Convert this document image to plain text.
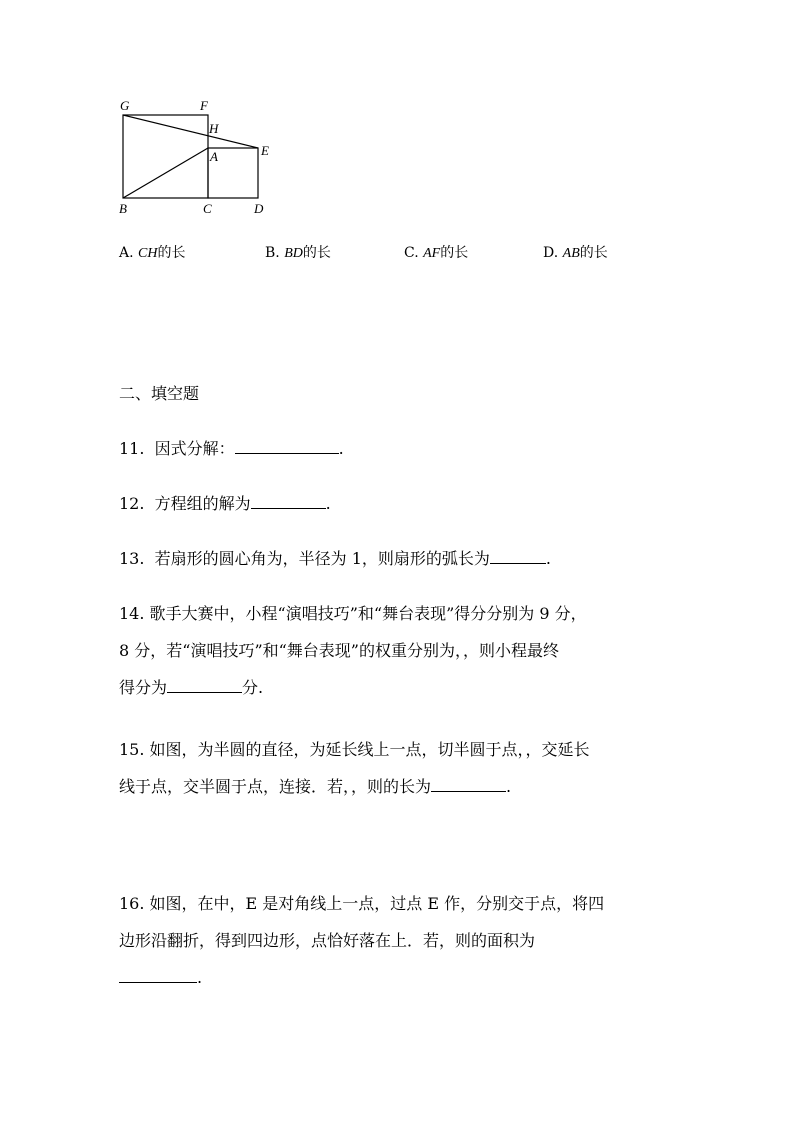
G	F
H
A	E
B	C	D
A. CH的长	B. BD的长	C. AF的长	D. AB的长
二、填空题
11. 因式分解：	.
12. 方程组的解为	.
13. 若扇形的圆心角为，半径为 1，则扇形的弧长为	.
14. 歌手大赛中，小程“演唱技巧”和“舞台表现”得分分别为 9 分，
8 分，若“演唱技巧”和“舞台表现”的权重分别为，，则小程最终
得分为	分.
15. 如图，为半圆的直径，为延长线上一点，切半圆于点，，交延长
线于点，交半圆于点，连接．若，，则的长为	.
16. 如图，在中，E 是对角线上一点，过点 E 作，分别交于点，将四
边形沿翻折，得到四边形，点恰好落在上．若，则的面积为
.
